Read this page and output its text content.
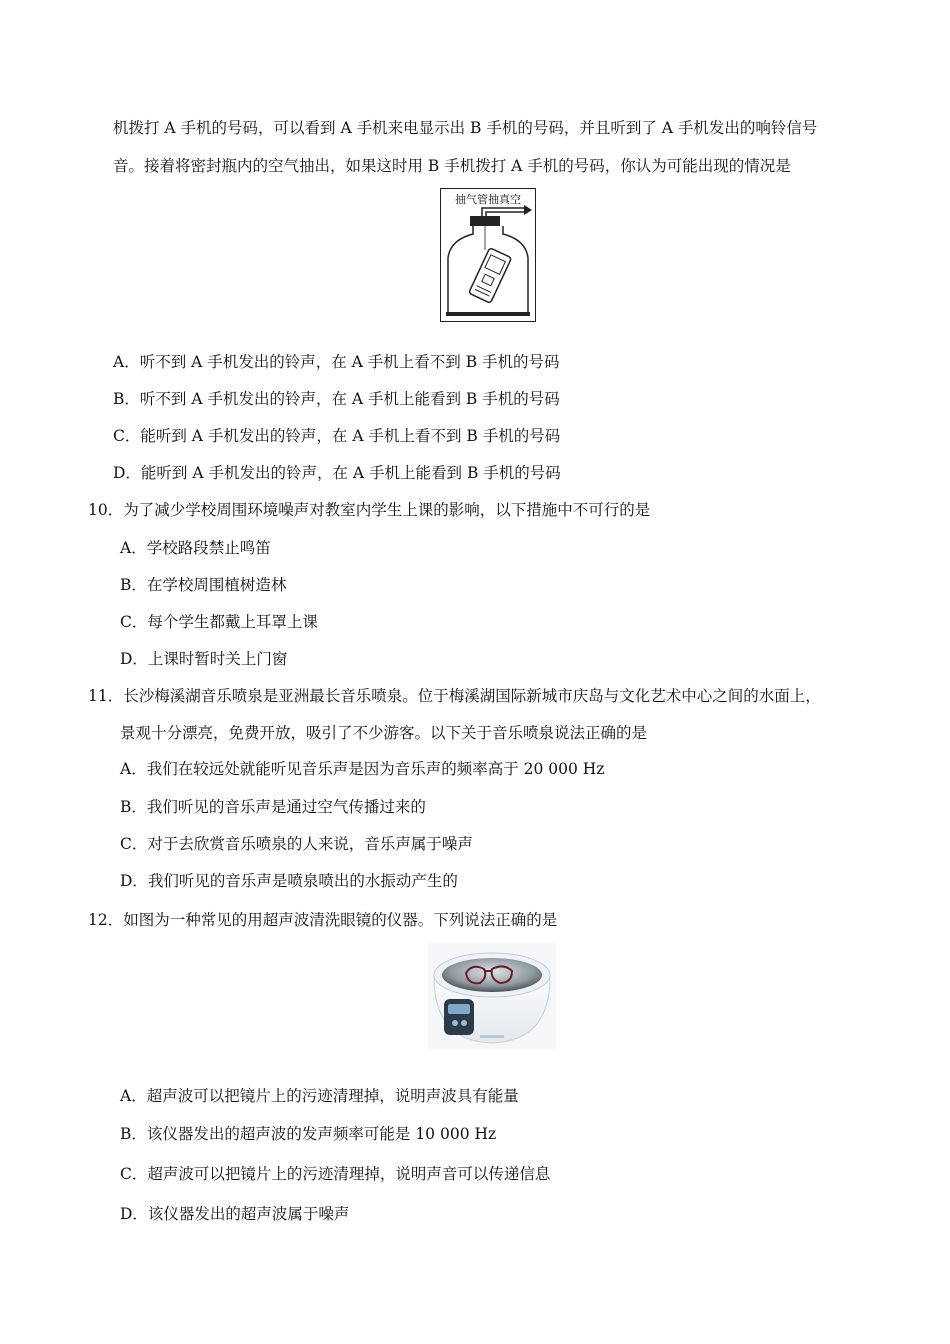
机拨打 A 手机的号码，可以看到 A 手机来电显示出 B 手机的号码，并且听到了 A 手机发出的响铃信号
音。接着将密封瓶内的空气抽出，如果这时用 B 手机拨打 A 手机的号码，你认为可能出现的情况是
抽气管抽真空
A．听不到 A 手机发出的铃声，在 A 手机上看不到 B 手机的号码
B．听不到 A 手机发出的铃声，在 A 手机上能看到 B 手机的号码
C．能听到 A 手机发出的铃声，在 A 手机上看不到 B 手机的号码
D．能听到 A 手机发出的铃声，在 A 手机上能看到 B 手机的号码
10．为了减少学校周围环境噪声对教室内学生上课的影响，以下措施中不可行的是
A．学校路段禁止鸣笛
B．在学校周围植树造林
C．每个学生都戴上耳罩上课
D．上课时暂时关上门窗
11．长沙梅溪湖音乐喷泉是亚洲最长音乐喷泉。位于梅溪湖国际新城市庆岛与文化艺术中心之间的水面上，
景观十分漂亮，免费开放，吸引了不少游客。以下关于音乐喷泉说法正确的是
A．我们在较远处就能听见音乐声是因为音乐声的频率高于 20 000 Hz
B．我们听见的音乐声是通过空气传播过来的
C．对于去欣赏音乐喷泉的人来说，音乐声属于噪声
D．我们听见的音乐声是喷泉喷出的水振动产生的
12．如图为一种常见的用超声波清洗眼镜的仪器。下列说法正确的是
A．超声波可以把镜片上的污迹清理掉，说明声波具有能量
B．该仪器发出的超声波的发声频率可能是 10 000 Hz
C．超声波可以把镜片上的污迹清理掉，说明声音可以传递信息
D．该仪器发出的超声波属于噪声
